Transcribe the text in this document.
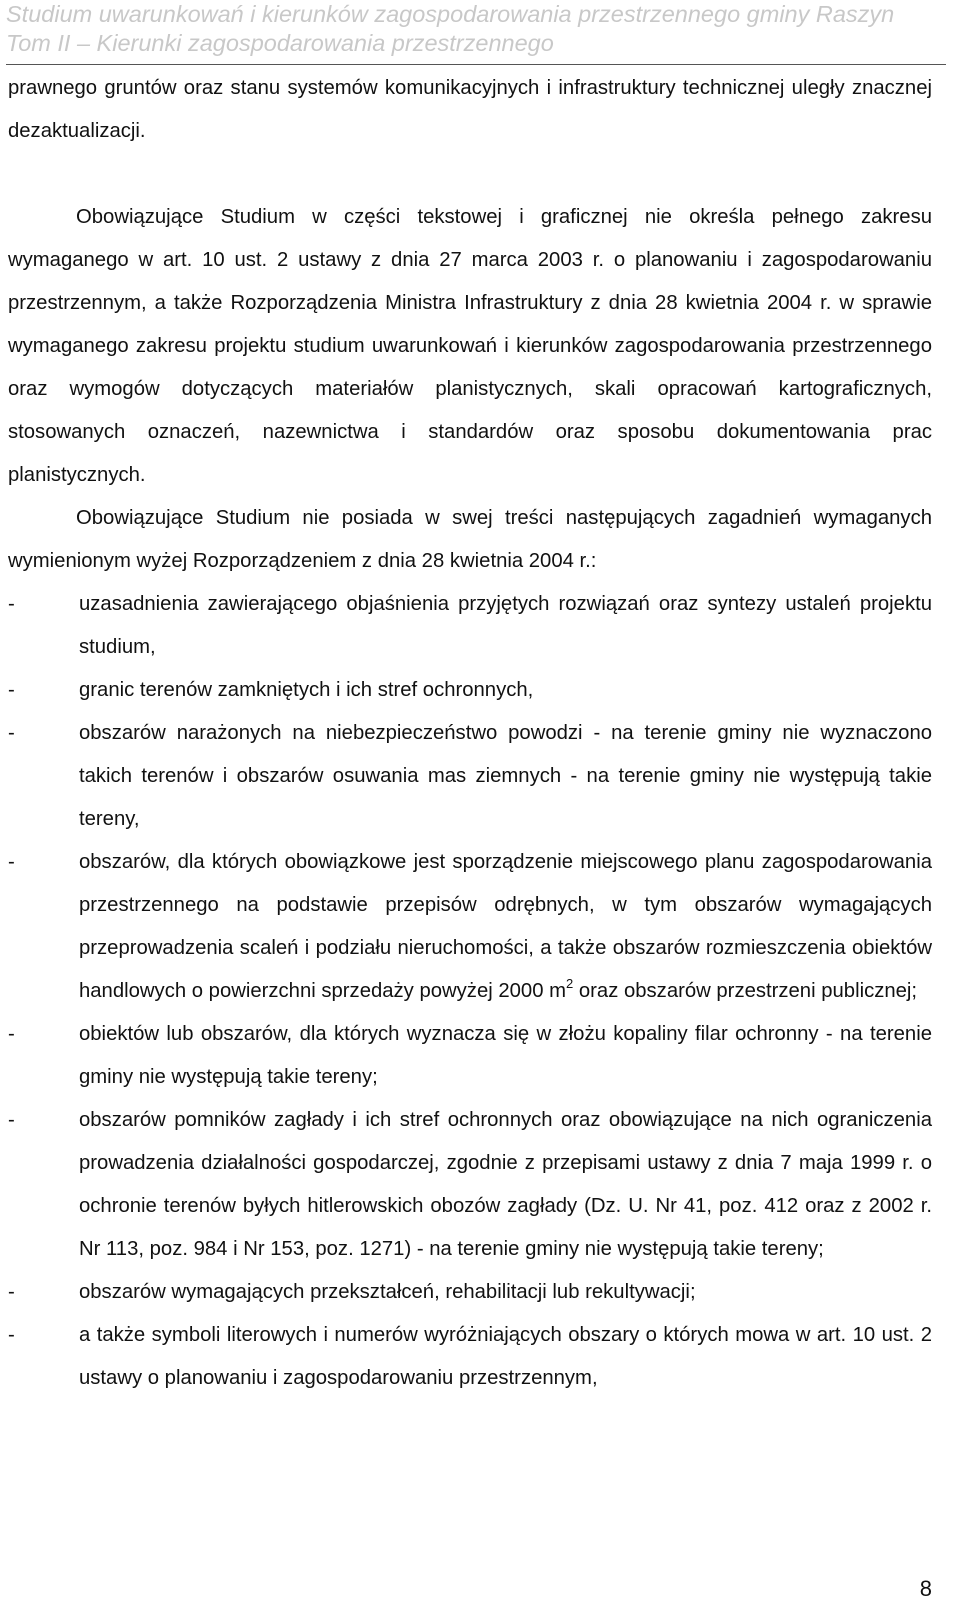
Studium uwarunkowań i kierunków zagospodarowania przestrzennego gminy Raszyn
Tom II – Kierunki zagospodarowania przestrzennego

prawnego gruntów oraz stanu systemów komunikacyjnych i infrastruktury technicznej uległy znacznej dezaktualizacji.

Obowiązujące Studium w części tekstowej i graficznej nie określa pełnego zakresu wymaganego w art. 10 ust. 2 ustawy z dnia 27 marca 2003 r. o planowaniu i zagospodarowaniu przestrzennym, a także Rozporządzenia Ministra Infrastruktury z dnia 28 kwietnia 2004 r. w sprawie wymaganego zakresu projektu studium uwarunkowań i kierunków zagospodarowania przestrzennego oraz wymogów dotyczących materiałów planistycznych, skali opracowań kartograficznych, stosowanych oznaczeń, nazewnictwa i standardów oraz sposobu dokumentowania prac planistycznych.

Obowiązujące Studium nie posiada w swej treści następujących zagadnień wymaganych wymienionym wyżej Rozporządzeniem z dnia 28 kwietnia 2004 r.:

-	uzasadnienia zawierającego objaśnienia przyjętych rozwiązań oraz syntezy ustaleń projektu studium,
-	granic terenów zamkniętych i ich stref ochronnych,
-	obszarów narażonych na niebezpieczeństwo powodzi - na terenie gminy nie wyznaczono takich terenów i obszarów osuwania mas ziemnych - na terenie gminy nie występują takie tereny,
-	obszarów, dla których obowiązkowe jest sporządzenie miejscowego planu zagospodarowania przestrzennego na podstawie przepisów odrębnych, w tym obszarów wymagających przeprowadzenia scaleń i podziału nieruchomości, a także obszarów rozmieszczenia obiektów handlowych o powierzchni sprzedaży powyżej 2000 $m^2$ oraz obszarów przestrzeni publicznej;
-	obiektów lub obszarów, dla których wyznacza się w złożu kopaliny filar ochronny - na terenie gminy nie występują takie tereny;
-	obszarów pomników zagłady i ich stref ochronnych oraz obowiązujące na nich ograniczenia prowadzenia działalności gospodarczej, zgodnie z przepisami ustawy z dnia 7 maja 1999 r. o ochronie terenów byłych hitlerowskich obozów zagłady (Dz. U. Nr 41, poz. 412 oraz z 2002 r. Nr 113, poz. 984 i Nr 153, poz. 1271) - na terenie gminy nie występują takie tereny;
-	obszarów wymagających przekształceń, rehabilitacji lub rekultywacji;
-	a także symboli literowych i numerów wyróżniających obszary o których mowa w art. 10 ust. 2 ustawy o planowaniu i zagospodarowaniu przestrzennym,
8
